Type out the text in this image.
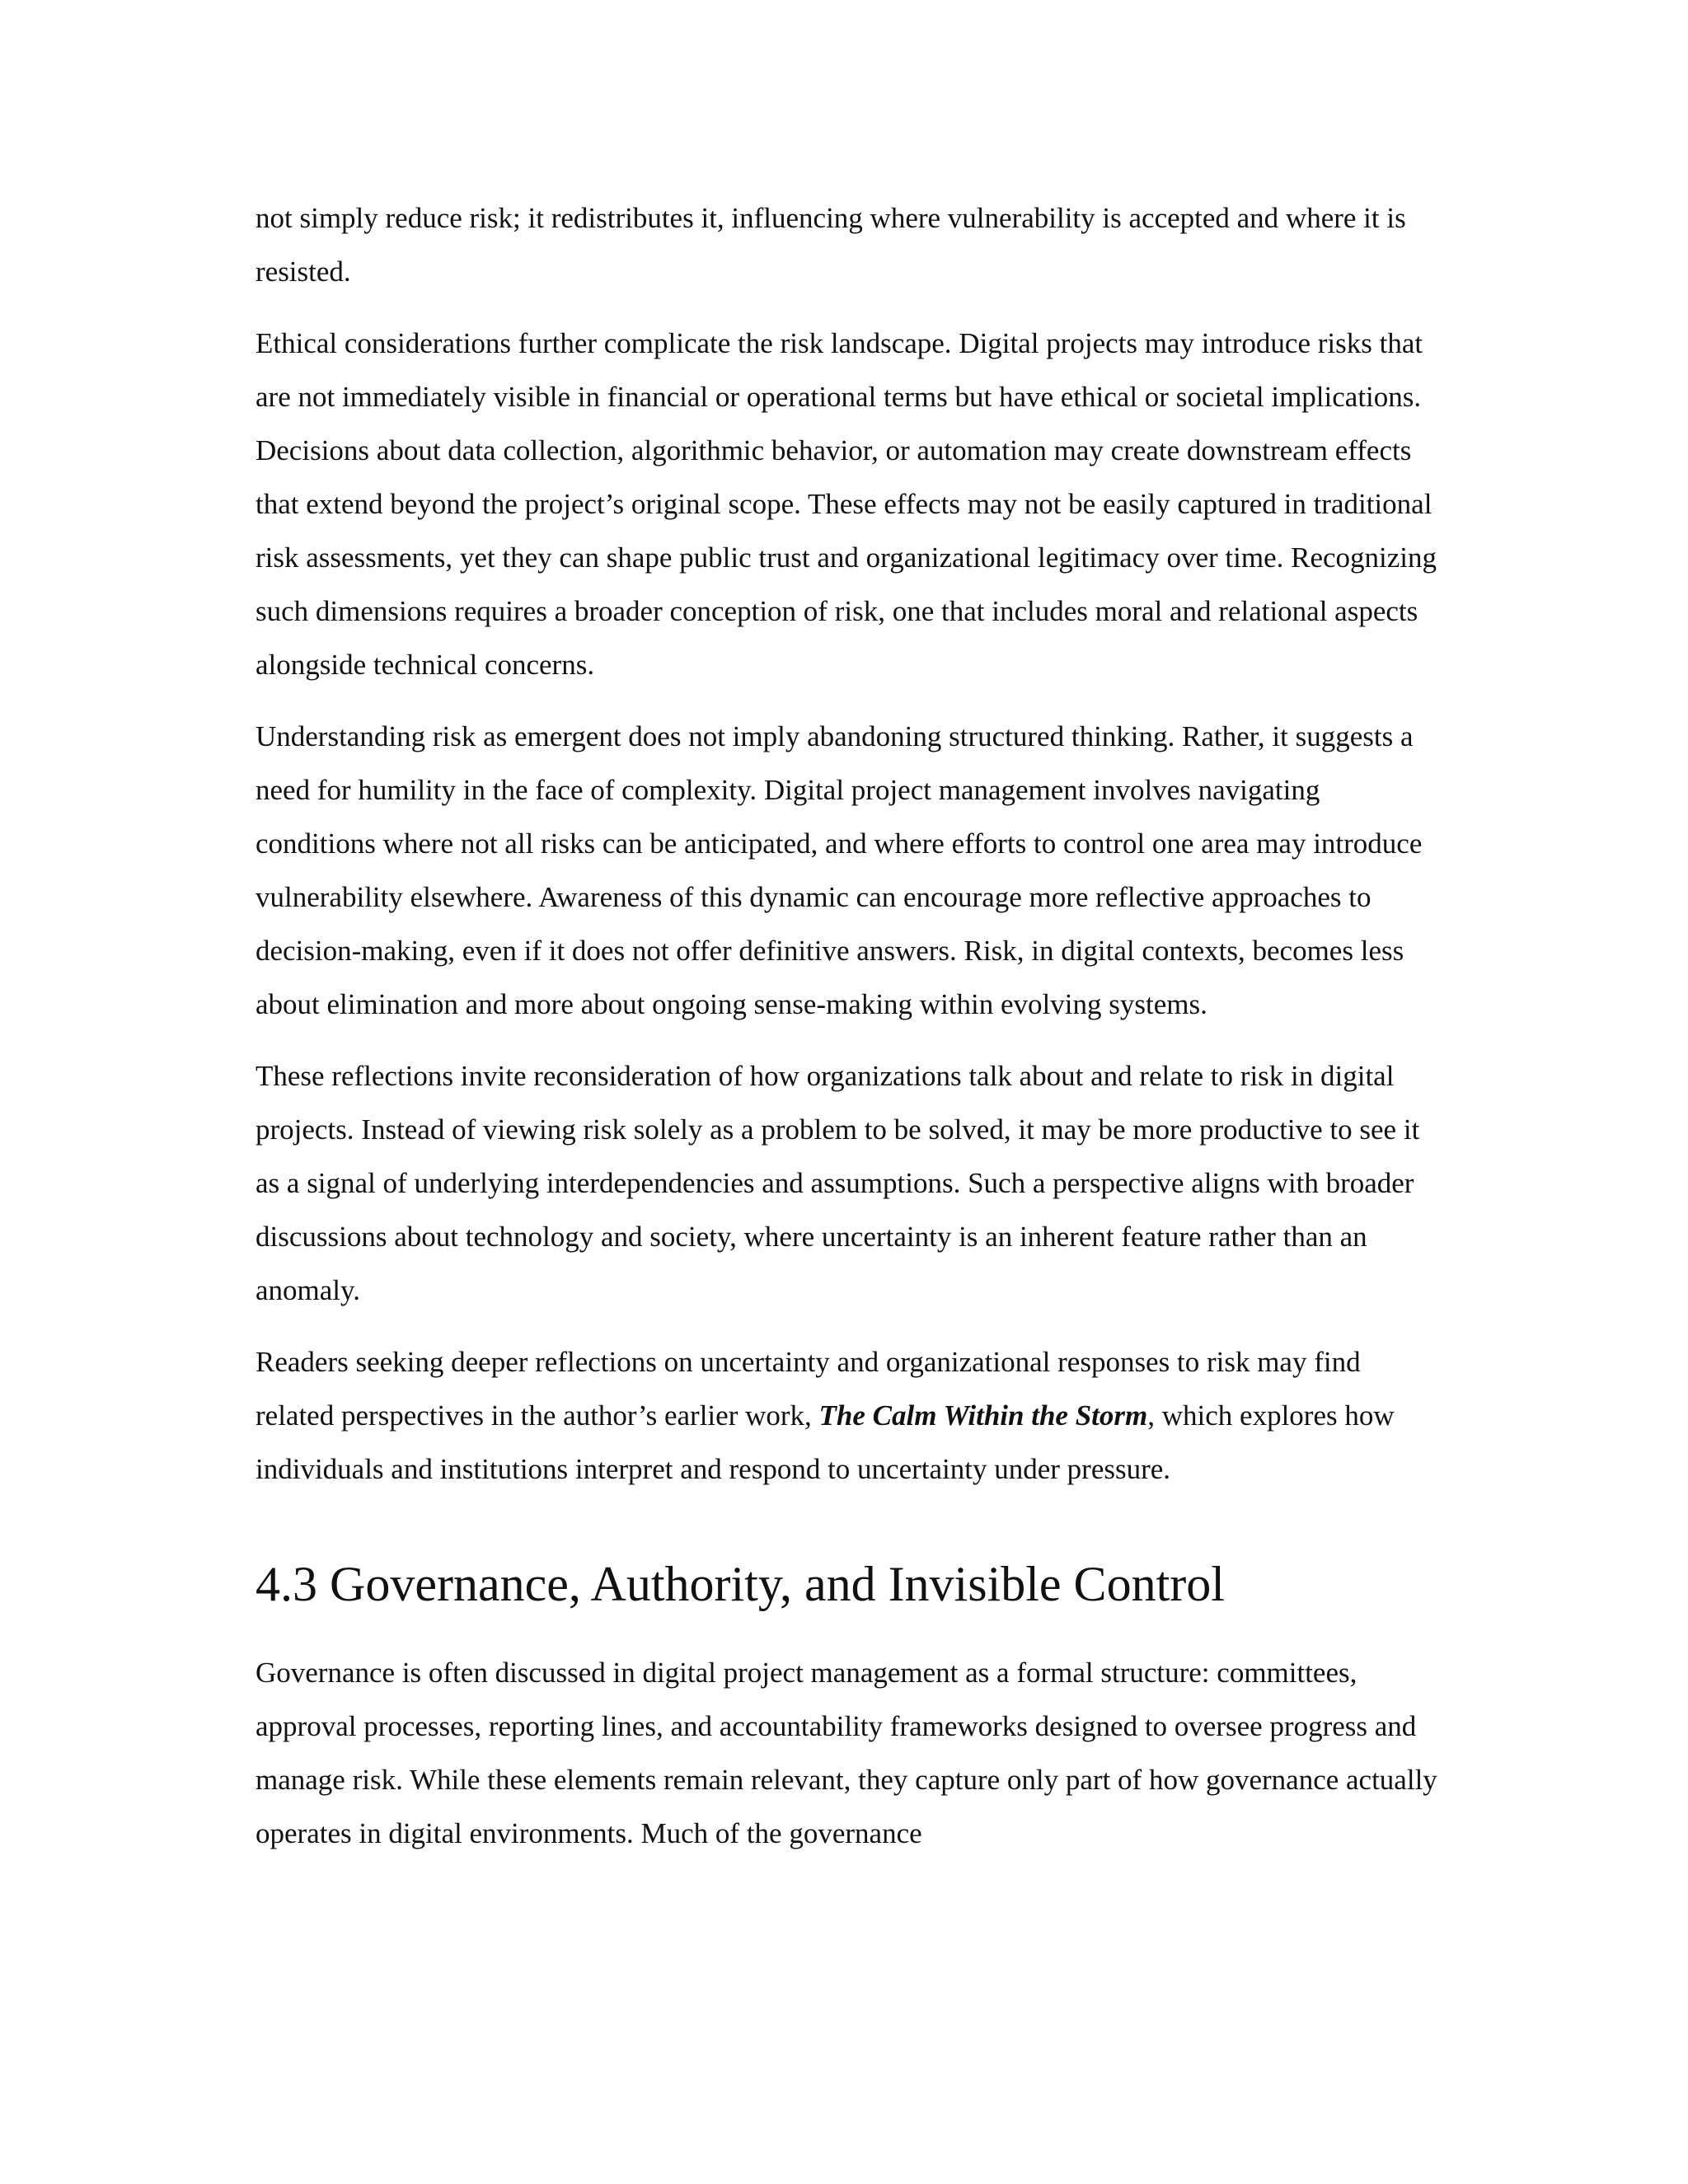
not simply reduce risk; it redistributes it, influencing where vulnerability is accepted and where it is resisted.

Ethical considerations further complicate the risk landscape. Digital projects may introduce risks that are not immediately visible in financial or operational terms but have ethical or societal implications. Decisions about data collection, algorithmic behavior, or automation may create downstream effects that extend beyond the project’s original scope. These effects may not be easily captured in traditional risk assessments, yet they can shape public trust and organizational legitimacy over time. Recognizing such dimensions requires a broader conception of risk, one that includes moral and relational aspects alongside technical concerns.

Understanding risk as emergent does not imply abandoning structured thinking. Rather, it suggests a need for humility in the face of complexity. Digital project management involves navigating conditions where not all risks can be anticipated, and where efforts to control one area may introduce vulnerability elsewhere. Awareness of this dynamic can encourage more reflective approaches to decision-making, even if it does not offer definitive answers. Risk, in digital contexts, becomes less about elimination and more about ongoing sense-making within evolving systems.

These reflections invite reconsideration of how organizations talk about and relate to risk in digital projects. Instead of viewing risk solely as a problem to be solved, it may be more productive to see it as a signal of underlying interdependencies and assumptions. Such a perspective aligns with broader discussions about technology and society, where uncertainty is an inherent feature rather than an anomaly.

Readers seeking deeper reflections on uncertainty and organizational responses to risk may find related perspectives in the author’s earlier work, The Calm Within the Storm, which explores how individuals and institutions interpret and respond to uncertainty under pressure.

4.3 Governance, Authority, and Invisible Control

Governance is often discussed in digital project management as a formal structure: committees, approval processes, reporting lines, and accountability frameworks designed to oversee progress and manage risk. While these elements remain relevant, they capture only part of how governance actually operates in digital environments. Much of the governance
